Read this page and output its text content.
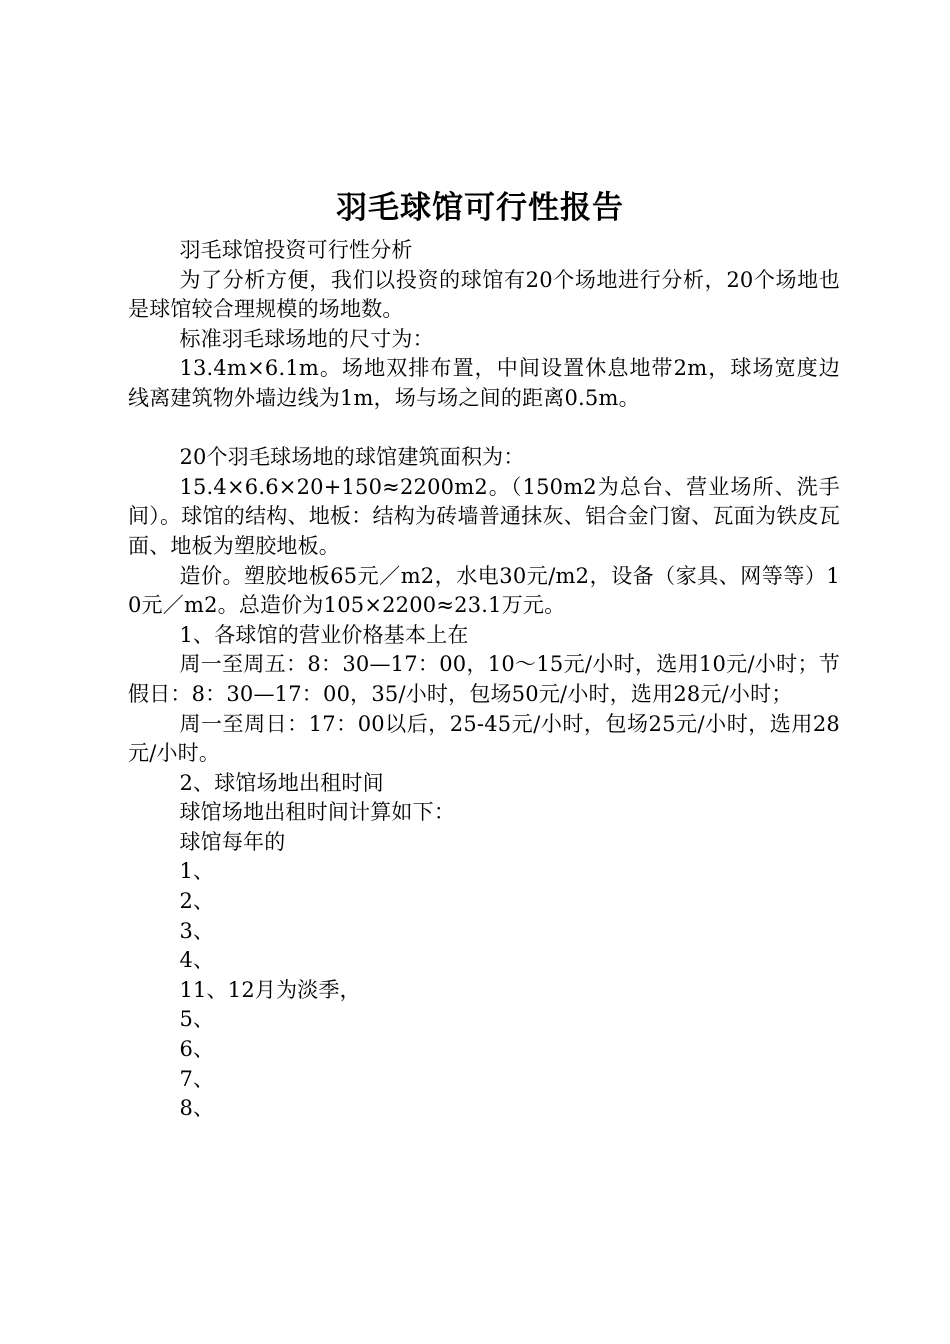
羽毛球馆可行性报告

羽毛球馆投资可行性分析

为了分析方便，我们以投资的球馆有20个场地进行分析，20个场地也是球馆较合理规模的场地数。

标准羽毛球场地的尺寸为：

13.4m×6.1m。场地双排布置，中间设置休息地带2m，球场宽度边线离建筑物外墙边线为1m，场与场之间的距离0.5m。

20个羽毛球场地的球馆建筑面积为：

15.4×6.6×20+150≈2200m2。（150m2为总台、营业场所、洗手间）。球馆的结构、地板：结构为砖墙普通抹灰、铝合金门窗、瓦面为铁皮瓦面、地板为塑胶地板。

造价。塑胶地板65元／m2，水电30元/m2，设备（家具、网等等）10元／m2。总造价为105×2200≈23.1万元。

1、各球馆的营业价格基本上在

周一至周五：8：30—17：00，10～15元/小时，选用10元/小时；节假日：8：30—17：00，35/小时，包场50元/小时，选用28元/小时；

周一至周日：17：00以后，25-45元/小时，包场25元/小时，选用28元/小时。

2、球馆场地出租时间

球馆场地出租时间计算如下：

球馆每年的

1、

2、

3、

4、

11、12月为淡季，

5、

6、

7、

8、
